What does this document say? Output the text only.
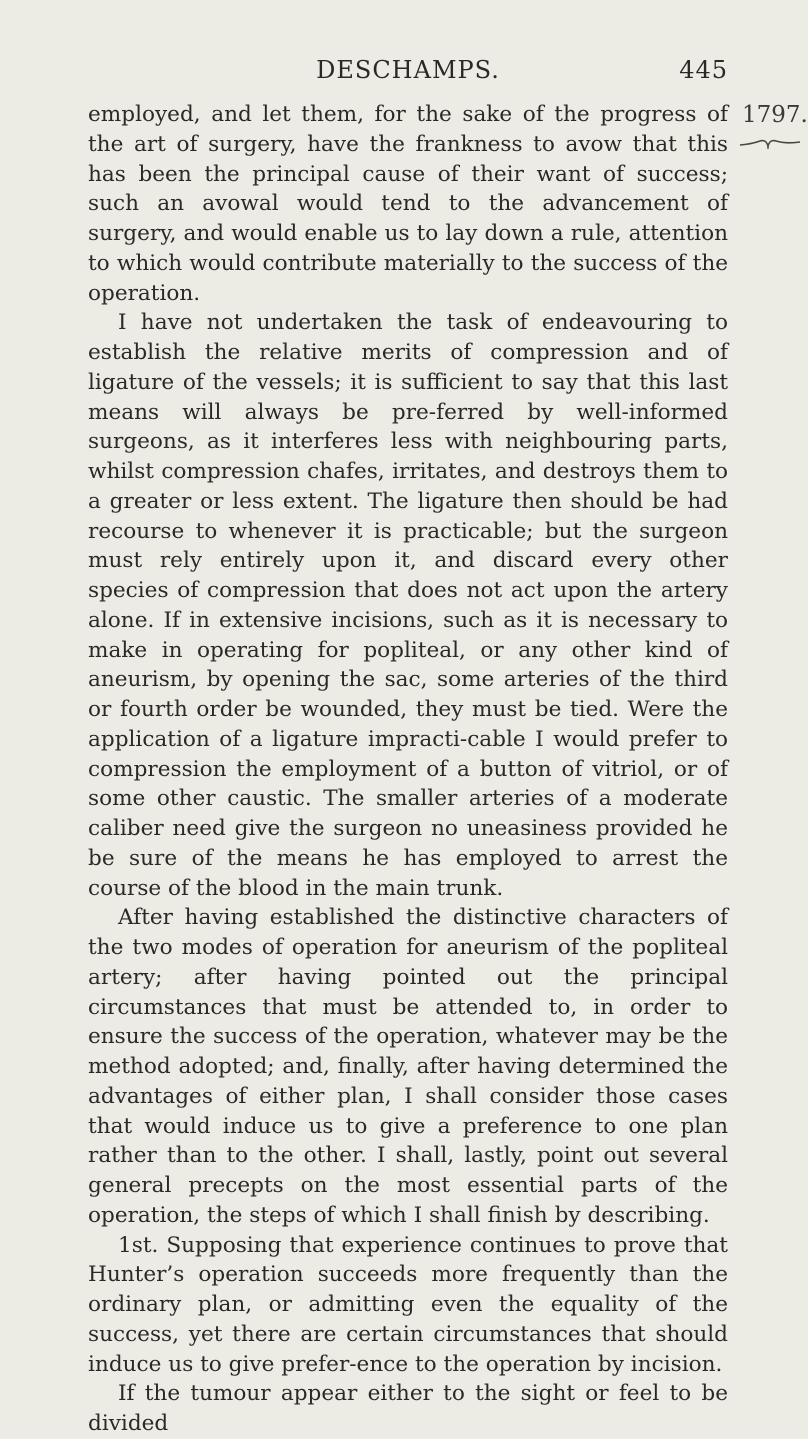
DESCHAMPS.	445
1797.

employed, and let them, for the sake of the progress of the art of surgery, have the frankness to avow that this has been the principal cause of their want of success; such an avowal would tend to the advancement of surgery, and would enable us to lay down a rule, attention to which would contribute materially to the success of the operation.

I have not undertaken the task of endeavouring to establish the relative merits of compression and of ligature of the vessels; it is sufficient to say that this last means will always be pre-ferred by well-informed surgeons, as it interferes less with neighbouring parts, whilst compression chafes, irritates, and destroys them to a greater or less extent. The ligature then should be had recourse to whenever it is practicable; but the surgeon must rely entirely upon it, and discard every other species of compression that does not act upon the artery alone. If in extensive incisions, such as it is necessary to make in operating for popliteal, or any other kind of aneurism, by opening the sac, some arteries of the third or fourth order be wounded, they must be tied. Were the application of a ligature impracti-cable I would prefer to compression the employment of a button of vitriol, or of some other caustic. The smaller arteries of a moderate caliber need give the surgeon no uneasiness provided he be sure of the means he has employed to arrest the course of the blood in the main trunk.

After having established the distinctive characters of the two modes of operation for aneurism of the popliteal artery; after having pointed out the principal circumstances that must be attended to, in order to ensure the success of the operation, whatever may be the method adopted; and, finally, after having determined the advantages of either plan, I shall consider those cases that would induce us to give a preference to one plan rather than to the other. I shall, lastly, point out several general precepts on the most essential parts of the operation, the steps of which I shall finish by describing.

1st. Supposing that experience continues to prove that Hunter’s operation succeeds more frequently than the ordinary plan, or admitting even the equality of the success, yet there are certain circumstances that should induce us to give prefer-ence to the operation by incision.

If the tumour appear either to the sight or feel to be divided
